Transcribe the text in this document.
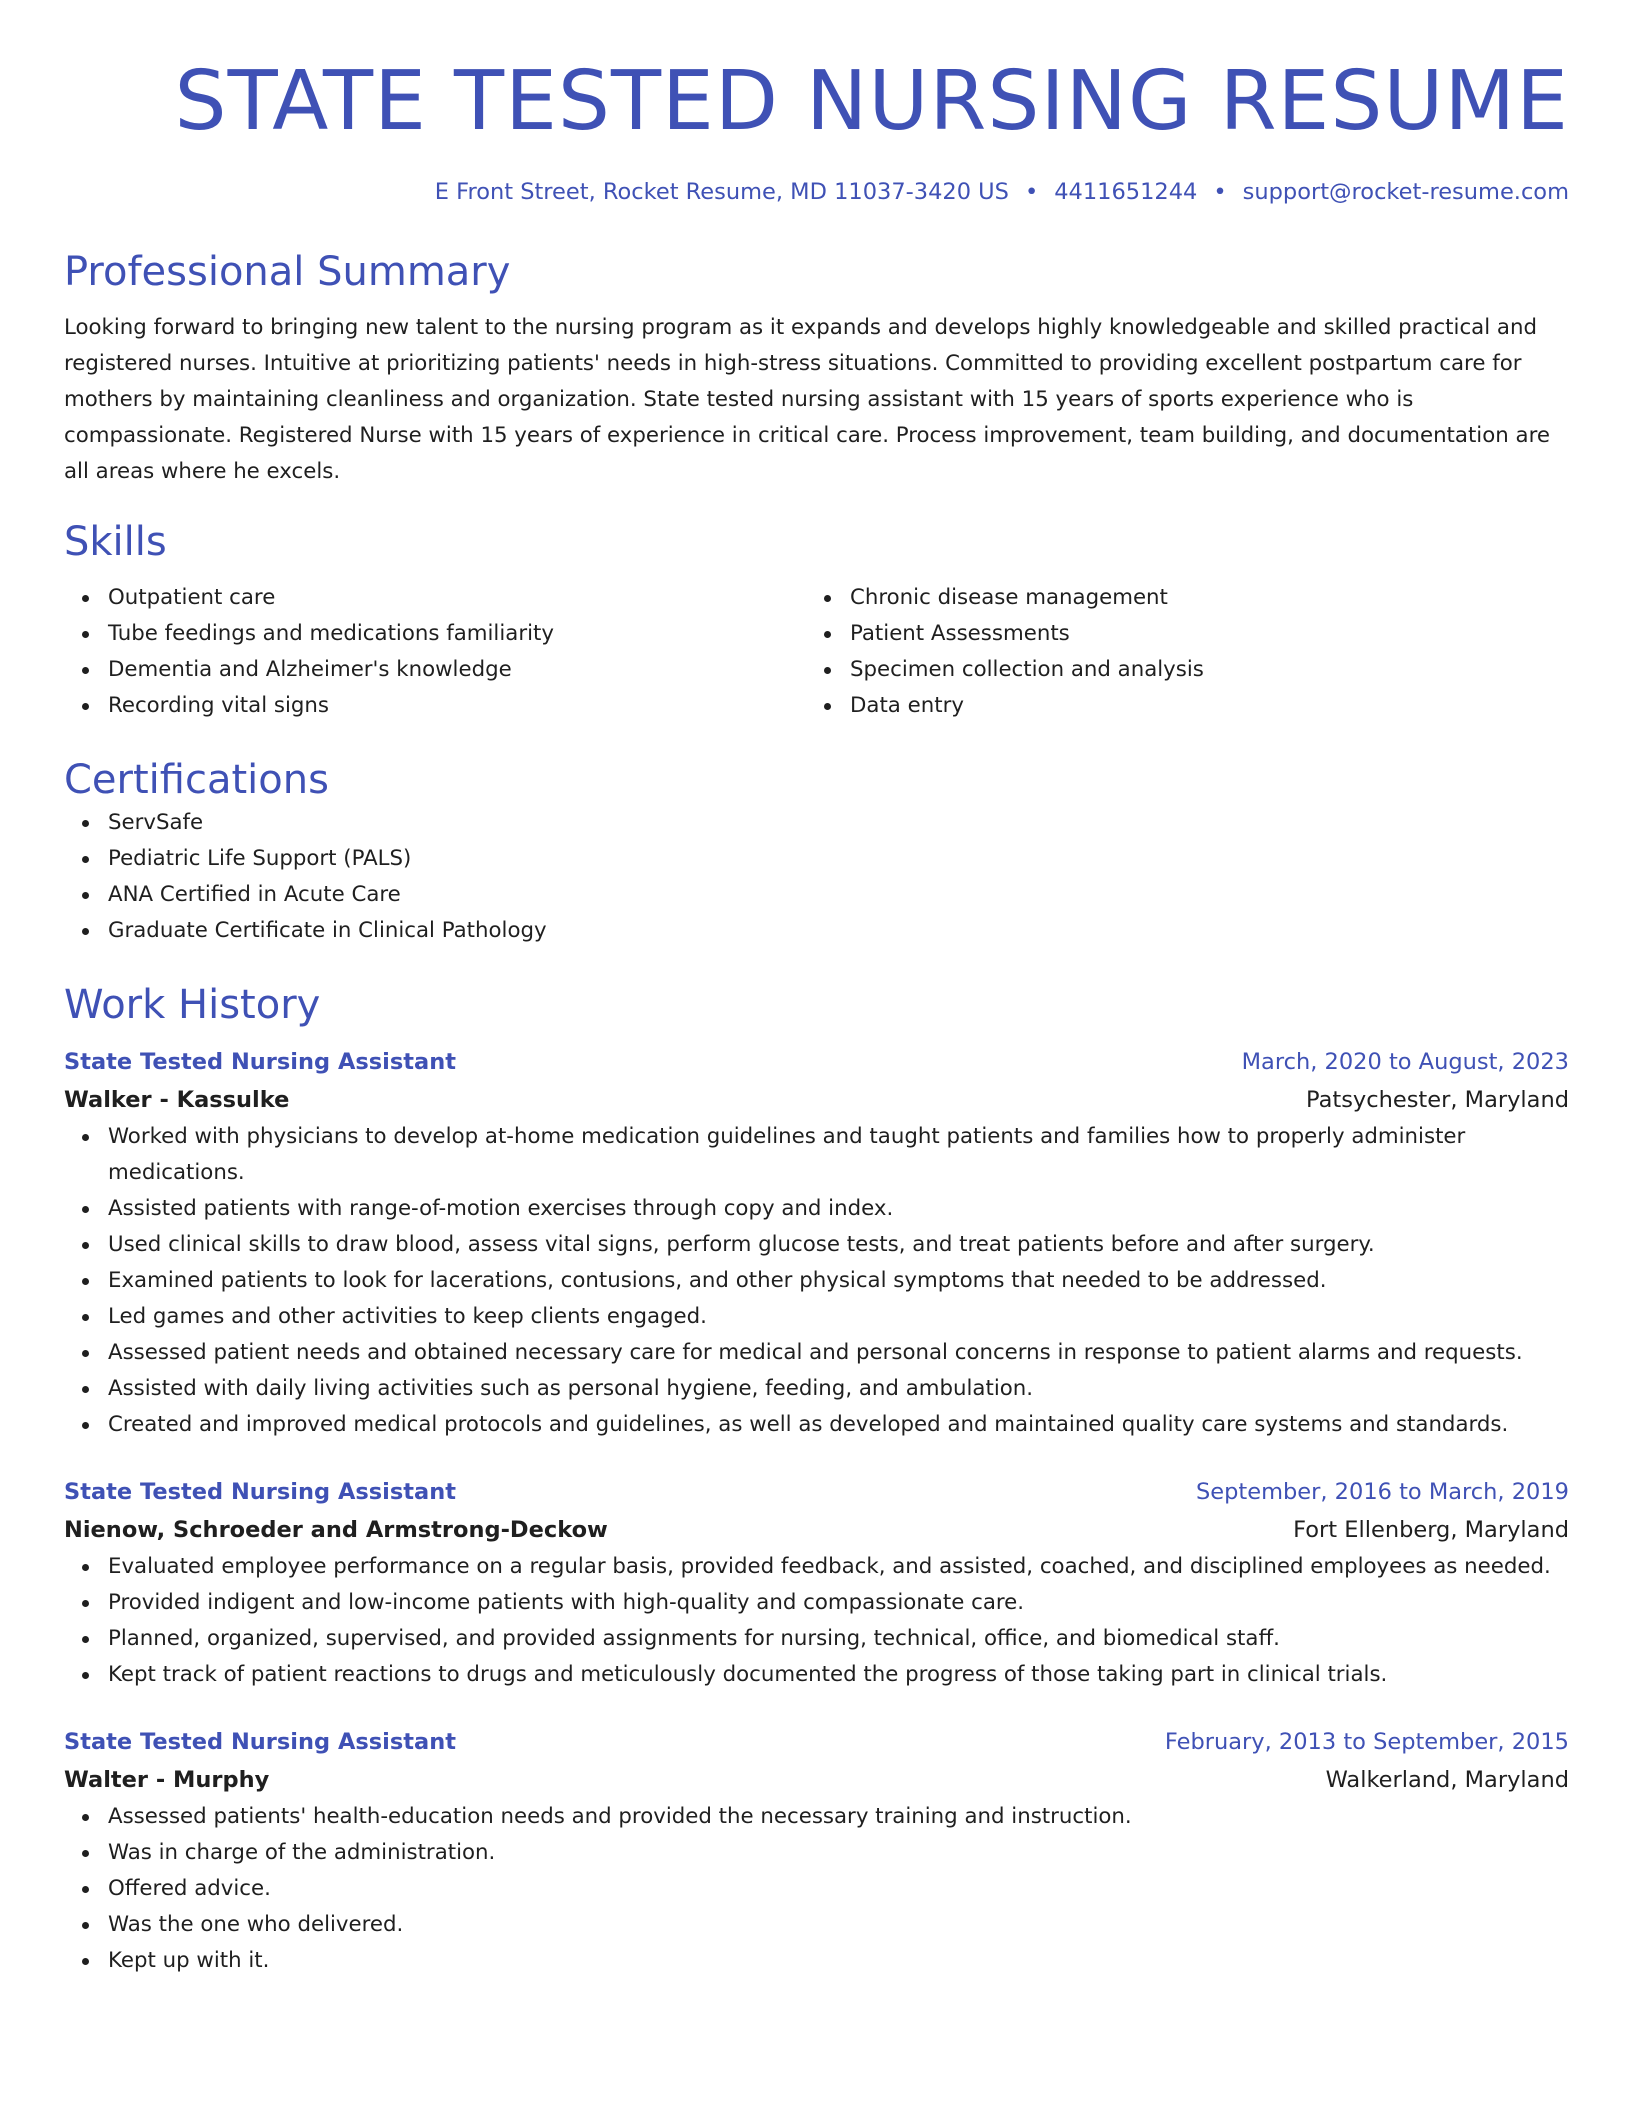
STATE TESTED NURSING RESUME
E Front Street, Rocket Resume, MD 11037-3420 US • 4411651244 • support@rocket-resume.com
Professional Summary

Looking forward to bringing new talent to the nursing program as it expands and develops highly knowledgeable and skilled practical and registered nurses. Intuitive at prioritizing patients' needs in high-stress situations. Committed to providing excellent postpartum care for mothers by maintaining cleanliness and organization. State tested nursing assistant with 15 years of sports experience who is compassionate. Registered Nurse with 15 years of experience in critical care. Process improvement, team building, and documentation are all areas where he excels.

Skills
Outpatient care
Tube feedings and medications familiarity
Dementia and Alzheimer's knowledge
Recording vital signs
Chronic disease management
Patient Assessments
Specimen collection and analysis
Data entry
Certifications
ServSafe
Pediatric Life Support (PALS)
ANA Certified in Acute Care
Graduate Certificate in Clinical Pathology
Work History
State Tested Nursing Assistant	March, 2020 to August, 2023
Walker - Kassulke	Patsychester, Maryland
Worked with physicians to develop at-home medication guidelines and taught patients and families how to properly administer medications.
Assisted patients with range-of-motion exercises through copy and index.
Used clinical skills to draw blood, assess vital signs, perform glucose tests, and treat patients before and after surgery.
Examined patients to look for lacerations, contusions, and other physical symptoms that needed to be addressed.
Led games and other activities to keep clients engaged.
Assessed patient needs and obtained necessary care for medical and personal concerns in response to patient alarms and requests.
Assisted with daily living activities such as personal hygiene, feeding, and ambulation.
Created and improved medical protocols and guidelines, as well as developed and maintained quality care systems and standards.
State Tested Nursing Assistant	September, 2016 to March, 2019
Nienow, Schroeder and Armstrong-Deckow	Fort Ellenberg, Maryland
Evaluated employee performance on a regular basis, provided feedback, and assisted, coached, and disciplined employees as needed.
Provided indigent and low-income patients with high-quality and compassionate care.
Planned, organized, supervised, and provided assignments for nursing, technical, office, and biomedical staff.
Kept track of patient reactions to drugs and meticulously documented the progress of those taking part in clinical trials.
State Tested Nursing Assistant	February, 2013 to September, 2015
Walter - Murphy	Walkerland, Maryland
Assessed patients' health-education needs and provided the necessary training and instruction.
Was in charge of the administration.
Offered advice.
Was the one who delivered.
Kept up with it.
